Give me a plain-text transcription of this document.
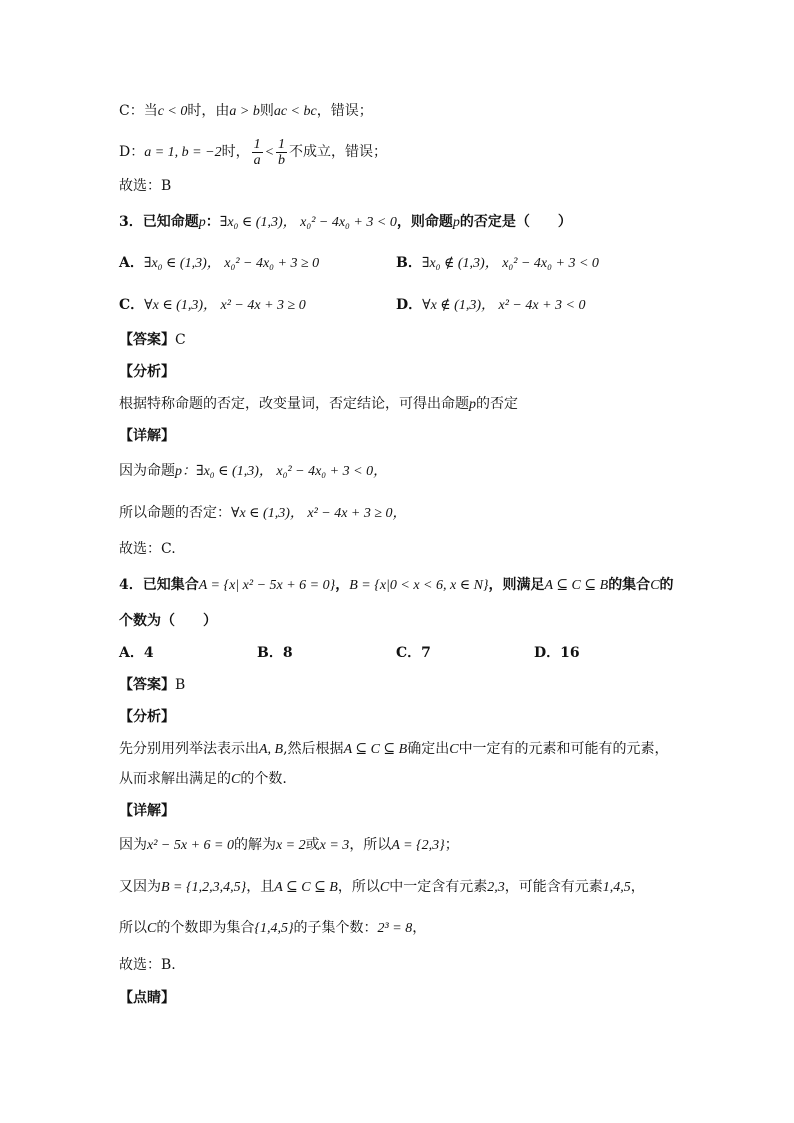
C：当c < 0时，由a > b则ac < bc，错误；
D：a = 1, b = −2时， $\frac{1}{a} < \frac{1}{b}$ 不成立，错误；
故选：B
3．已知命题p：∃x₀ ∈ (1,3)， x₀² − 4x₀ + 3 < 0，则命题p的否定是（　　）
A．∃x₀ ∈ (1,3)， x₀² − 4x₀ + 3 ≥ 0	B．∃x₀ ∉ (1,3)， x₀² − 4x₀ + 3 < 0
C．∀x ∈ (1,3)， x² − 4x + 3 ≥ 0	D．∀x ∉ (1,3)， x² − 4x + 3 < 0
【答案】C
【分析】
根据特称命题的否定，改变量词，否定结论，可得出命题p的否定
【详解】
因为命题p：∃x₀ ∈ (1,3)， x₀² − 4x₀ + 3 < 0，
所以命题的否定：∀x ∈ (1,3)， x² − 4x + 3 ≥ 0，
故选：C.
4．已知集合A = {x| x² − 5x + 6 = 0}，B = {x|0 < x < 6, x ∈ N}，则满足A ⊆ C ⊆ B的集合C的
个数为（　　）
A．4	B．8	C．7	D．16
【答案】B
【分析】
先分别用列举法表示出A, B,然后根据A ⊆ C ⊆ B确定出C中一定有的元素和可能有的元素，
从而求解出满足的C的个数.
【详解】
因为x² − 5x + 6 = 0的解为x = 2或x = 3，所以A = {2,3}；
又因为B = {1,2,3,4,5}，且A ⊆ C ⊆ B，所以C中一定含有元素2,3，可能含有元素1,4,5，
所以C的个数即为集合{1,4,5}的子集个数：2³ = 8，
故选：B.
【点睛】
